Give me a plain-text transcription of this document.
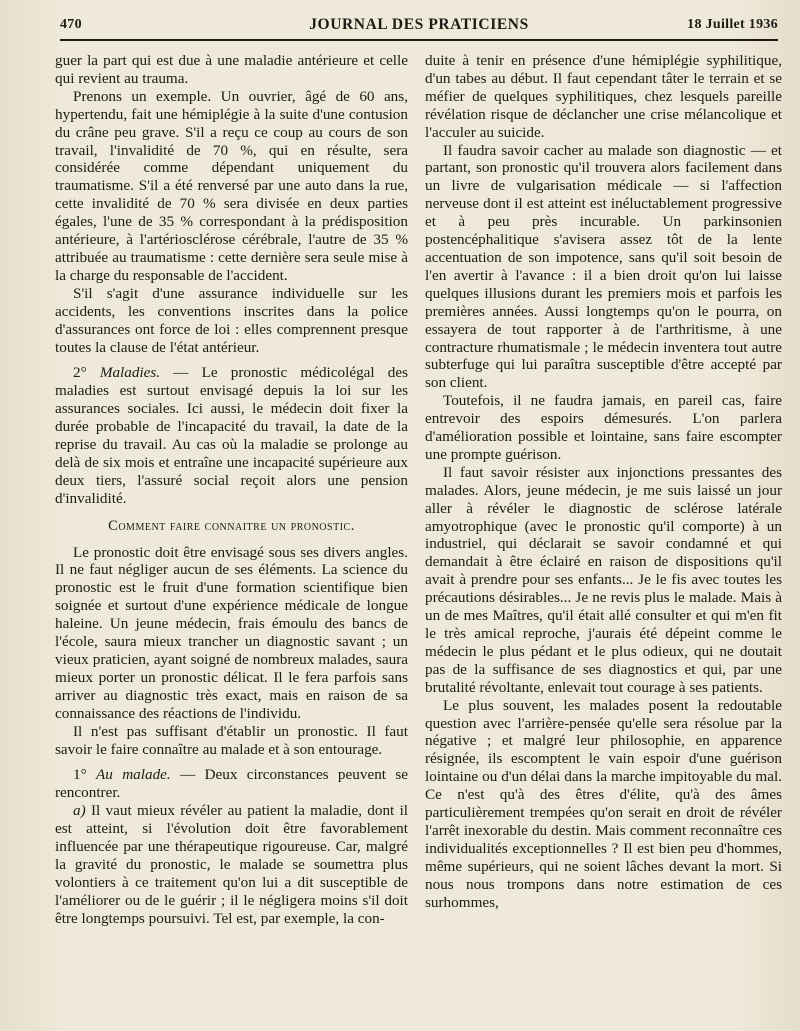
470	JOURNAL DES PRATICIENS	18 Juillet 1936

guer la part qui est due à une maladie antérieure et celle qui revient au trauma.

Prenons un exemple. Un ouvrier, âgé de 60 ans, hypertendu, fait une hémiplégie à la suite d'une contusion du crâne peu grave. S'il a reçu ce coup au cours de son travail, l'invalidité de 70 %, qui en résulte, sera considérée comme dépendant uniquement du traumatisme. S'il a été renversé par une auto dans la rue, cette invalidité de 70 % sera divisée en deux parties égales, l'une de 35 % correspondant à la prédisposition antérieure, à l'artériosclérose cérébrale, l'autre de 35 % attribuée au traumatisme : cette dernière sera seule mise à la charge du responsable de l'accident.

S'il s'agit d'une assurance individuelle sur les accidents, les conventions inscrites dans la police d'assurances ont force de loi : elles comprennent presque toutes la clause de l'état antérieur.

2° Maladies. — Le pronostic médicolégal des maladies est surtout envisagé depuis la loi sur les assurances sociales. Ici aussi, le médecin doit fixer la durée probable de l'incapacité du travail, la date de la reprise du travail. Au cas où la maladie se prolonge au delà de six mois et entraîne une incapacité supérieure aux deux tiers, l'assuré social reçoit alors une pension d'invalidité.

Comment faire connaitre un pronostic.

Le pronostic doit être envisagé sous ses divers angles. Il ne faut négliger aucun de ses éléments. La science du pronostic est le fruit d'une formation scientifique bien soignée et surtout d'une expérience médicale de longue haleine. Un jeune médecin, frais émoulu des bancs de l'école, saura mieux trancher un diagnostic savant ; un vieux praticien, ayant soigné de nombreux malades, saura mieux porter un pronostic délicat. Il le fera parfois sans arriver au diagnostic très exact, mais en raison de sa connaissance des réactions de l'individu.

Il n'est pas suffisant d'établir un pronostic. Il faut savoir le faire connaître au malade et à son entourage.

1° Au malade. — Deux circonstances peuvent se rencontrer.

a) Il vaut mieux révéler au patient la maladie, dont il est atteint, si l'évolution doit être favorablement influencée par une thérapeutique rigoureuse. Car, malgré la gravité du pronostic, le malade se soumettra plus volontiers à ce traitement qu'on lui a dit susceptible de l'améliorer ou de le guérir ; il le négligera moins s'il doit être longtemps poursuivi. Tel est, par exemple, la con-

duite à tenir en présence d'une hémiplégie syphilitique, d'un tabes au début. Il faut cependant tâter le terrain et se méfier de quelques syphilitiques, chez lesquels pareille révélation risque de déclancher une crise mélancolique et l'acculer au suicide.

Il faudra savoir cacher au malade son diagnostic — et partant, son pronostic qu'il trouvera alors facilement dans un livre de vulgarisation médicale — si l'affection nerveuse dont il est atteint est inéluctablement progressive et à peu près incurable. Un parkinsonien postencéphalitique s'avisera assez tôt de la lente accentuation de son impotence, sans qu'il soit besoin de l'en avertir à l'avance : il a bien droit qu'on lui laisse quelques illusions durant les premiers mois et parfois les premières années. Aussi longtemps qu'on le pourra, on essayera de tout rapporter à de l'arthritisme, à une contracture rhumatismale ; le médecin inventera tout autre subterfuge qui lui paraîtra susceptible d'être accepté par son client.

Toutefois, il ne faudra jamais, en pareil cas, faire entrevoir des espoirs démesurés. L'on parlera d'amélioration possible et lointaine, sans faire escompter une prompte guérison.

Il faut savoir résister aux injonctions pressantes des malades. Alors, jeune médecin, je me suis laissé un jour aller à révéler le diagnostic de sclérose latérale amyotrophique (avec le pronostic qu'il comporte) à un industriel, qui déclarait se savoir condamné et qui demandait à être éclairé en raison de dispositions qu'il avait à prendre pour ses enfants... Je le fis avec toutes les précautions désirables... Je ne revis plus le malade. Mais à un de mes Maîtres, qu'il était allé consulter et qui m'en fit le très amical reproche, j'aurais été dépeint comme le médecin le plus pédant et le plus odieux, qui ne doutait pas de la suffisance de ses diagnostics et qui, par une brutalité révoltante, enlevait tout courage à ses patients.

Le plus souvent, les malades posent la redoutable question avec l'arrière-pensée qu'elle sera résolue par la négative ; et malgré leur philosophie, en apparence résignée, ils escomptent le vain espoir d'une guérison lointaine ou d'un délai dans la marche impitoyable du mal. Ce n'est qu'à des êtres d'élite, qu'à des âmes particulièrement trempées qu'on serait en droit de révéler l'arrêt inexorable du destin. Mais comment reconnaître ces individualités exceptionnelles ? Il est bien peu d'hommes, même supérieurs, qui ne soient lâches devant la mort. Si nous nous trompons dans notre estimation de ces surhommes,
